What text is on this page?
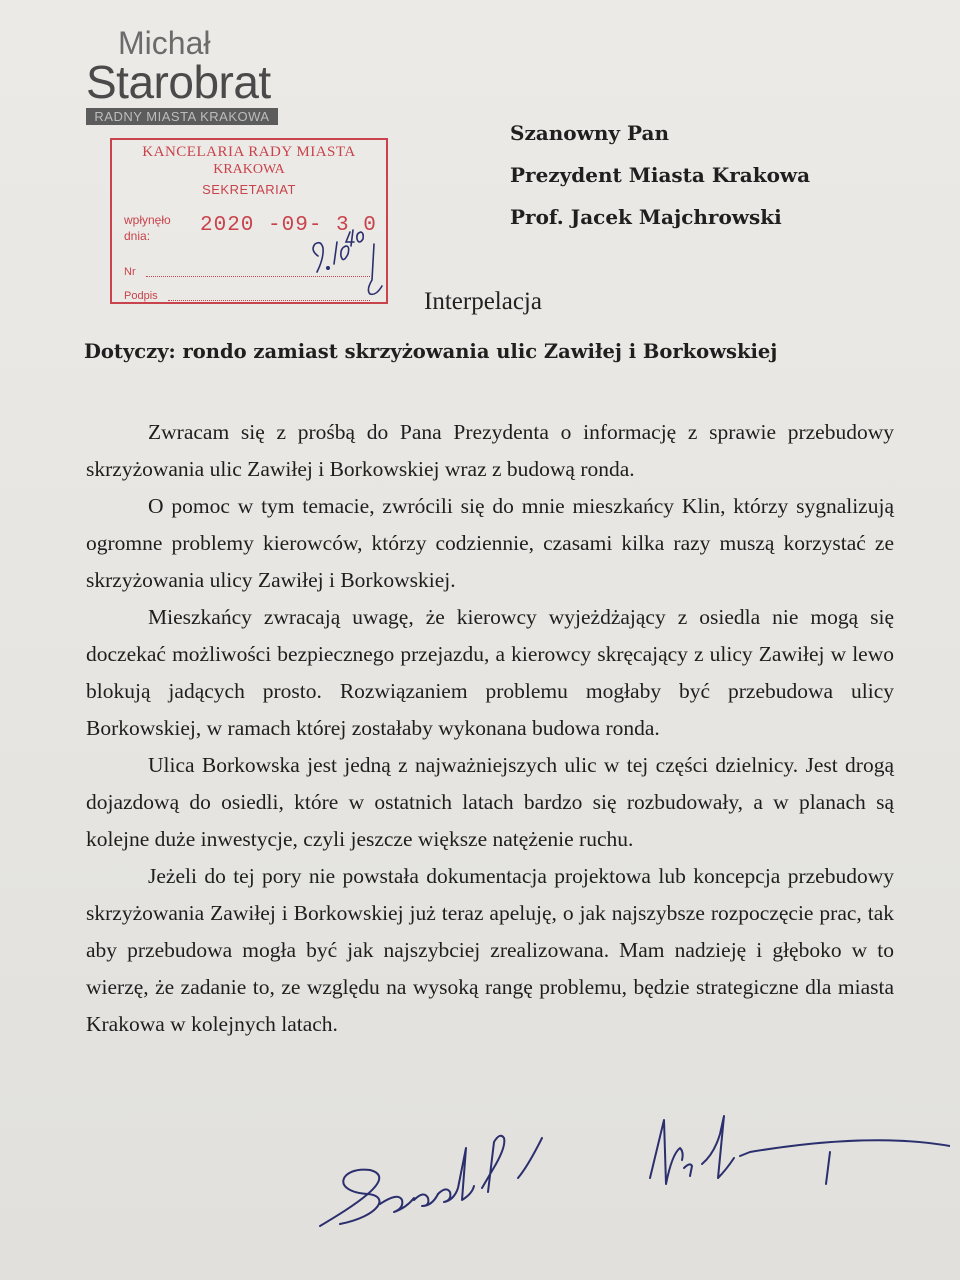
Michał
Starobrat
RADNY MIASTA KRAKOWA
KANCELARIA RADY MIASTA
KRAKOWA
SEKRETARIAT
wpłynęło dnia:	2020 -09- 3 0
Nr
Podpis
Szanowny Pan
Prezydent Miasta Krakowa
Prof. Jacek Majchrowski
Interpelacja
Dotyczy: rondo zamiast skrzyżowania ulic Zawiłej i Borkowskiej

Zwracam się z prośbą do Pana Prezydenta o informację z sprawie przebudowy skrzyżowania ulic Zawiłej i Borkowskiej wraz z budową ronda.

O pomoc w tym temacie, zwrócili się do mnie mieszkańcy Klin, którzy sygnalizują ogromne problemy kierowców, którzy codziennie, czasami kilka razy muszą korzystać ze skrzyżowania ulicy Zawiłej i Borkowskiej.

Mieszkańcy zwracają uwagę, że kierowcy wyjeżdżający z osiedla nie mogą się doczekać możliwości bezpiecznego przejazdu, a kierowcy skręcający z ulicy Zawiłej w lewo blokują jadących prosto. Rozwiązaniem problemu mogłaby być przebudowa ulicy Borkowskiej, w ramach której zostałaby wykonana budowa ronda.

Ulica Borkowska jest jedną z najważniejszych ulic w tej części dzielnicy. Jest drogą dojazdową do osiedli, które w ostatnich latach bardzo się rozbudowały, a w planach są kolejne duże inwestycje, czyli jeszcze większe natężenie ruchu.

Jeżeli do tej pory nie powstała dokumentacja projektowa lub koncepcja przebudowy skrzyżowania Zawiłej i Borkowskiej już teraz apeluję, o jak najszybsze rozpoczęcie prac, tak aby przebudowa mogła być jak najszybciej zrealizowana. Mam nadzieję i głęboko w to wierzę, że zadanie to, ze względu na wysoką rangę problemu, będzie strategiczne dla miasta Krakowa w kolejnych latach.
